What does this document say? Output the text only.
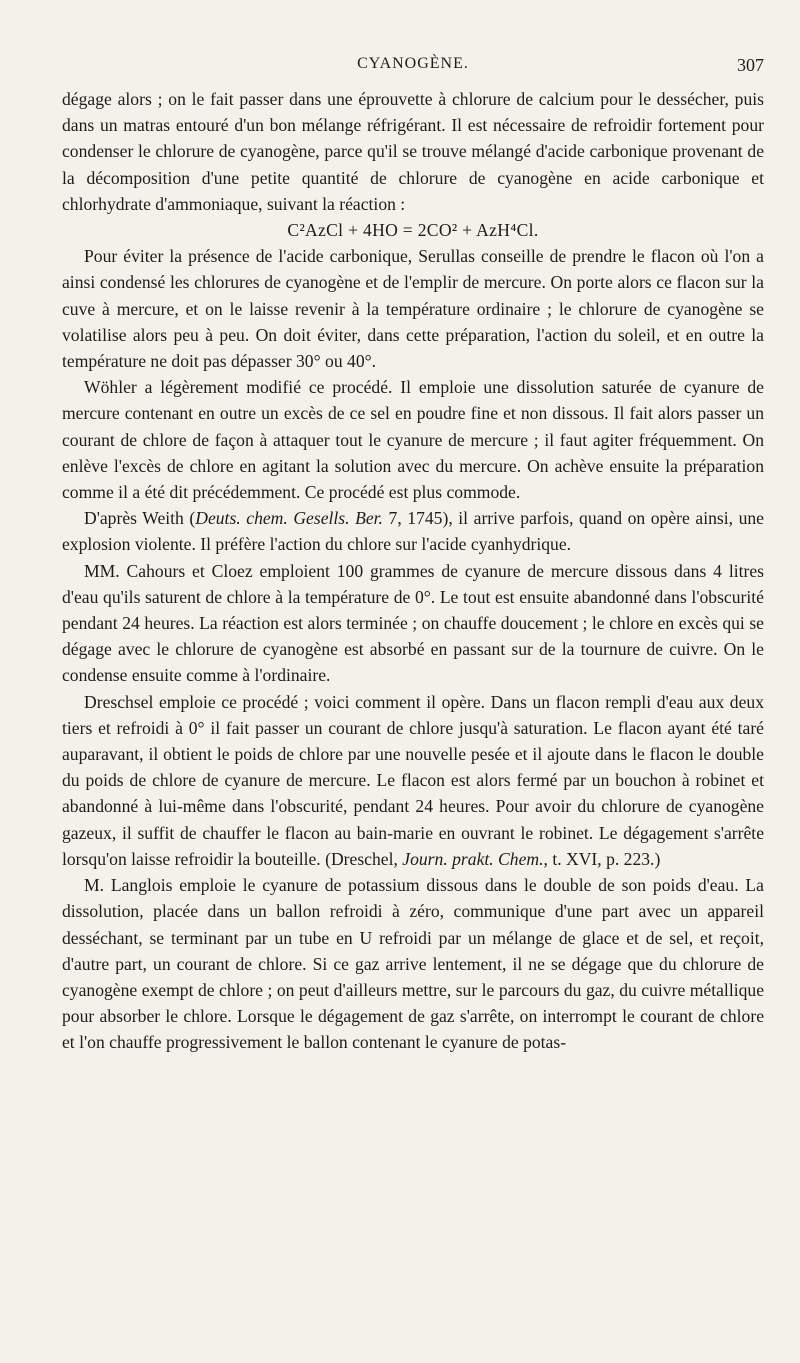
CYANOGÈNE.	307

dégage alors ; on le fait passer dans une éprouvette à chlorure de calcium pour le dessécher, puis dans un matras entouré d'un bon mélange réfrigérant. Il est nécessaire de refroidir fortement pour condenser le chlorure de cyanogène, parce qu'il se trouve mélangé d'acide carbonique provenant de la décomposition d'une petite quantité de chlorure de cyanogène en acide carbonique et chlorhydrate d'ammoniaque, suivant la réaction :

C²AzCl + 4HO = 2CO² + AzH⁴Cl.

Pour éviter la présence de l'acide carbonique, Serullas conseille de prendre le flacon où l'on a ainsi condensé les chlorures de cyanogène et de l'emplir de mercure. On porte alors ce flacon sur la cuve à mercure, et on le laisse revenir à la température ordinaire ; le chlorure de cyanogène se volatilise alors peu à peu. On doit éviter, dans cette préparation, l'action du soleil, et en outre la température ne doit pas dépasser 30° ou 40°.

Wöhler a légèrement modifié ce procédé. Il emploie une dissolution saturée de cyanure de mercure contenant en outre un excès de ce sel en poudre fine et non dissous. Il fait alors passer un courant de chlore de façon à attaquer tout le cyanure de mercure ; il faut agiter fréquemment. On enlève l'excès de chlore en agitant la solution avec du mercure. On achève ensuite la préparation comme il a été dit précédemment. Ce procédé est plus commode.

D'après Weith (Deuts. chem. Gesells. Ber. 7, 1745), il arrive parfois, quand on opère ainsi, une explosion violente. Il préfère l'action du chlore sur l'acide cyanhydrique.

MM. Cahours et Cloez emploient 100 grammes de cyanure de mercure dissous dans 4 litres d'eau qu'ils saturent de chlore à la température de 0°. Le tout est ensuite abandonné dans l'obscurité pendant 24 heures. La réaction est alors terminée ; on chauffe doucement ; le chlore en excès qui se dégage avec le chlorure de cyanogène est absorbé en passant sur de la tournure de cuivre. On le condense ensuite comme à l'ordinaire.

Dreschsel emploie ce procédé ; voici comment il opère. Dans un flacon rempli d'eau aux deux tiers et refroidi à 0° il fait passer un courant de chlore jusqu'à saturation. Le flacon ayant été taré auparavant, il obtient le poids de chlore par une nouvelle pesée et il ajoute dans le flacon le double du poids de chlore de cyanure de mercure. Le flacon est alors fermé par un bouchon à robinet et abandonné à lui-même dans l'obscurité, pendant 24 heures. Pour avoir du chlorure de cyanogène gazeux, il suffit de chauffer le flacon au bain-marie en ouvrant le robinet. Le dégagement s'arrête lorsqu'on laisse refroidir la bouteille. (Dreschel, Journ. prakt. Chem., t. XVI, p. 223.)

M. Langlois emploie le cyanure de potassium dissous dans le double de son poids d'eau. La dissolution, placée dans un ballon refroidi à zéro, communique d'une part avec un appareil desséchant, se terminant par un tube en U refroidi par un mélange de glace et de sel, et reçoit, d'autre part, un courant de chlore. Si ce gaz arrive lentement, il ne se dégage que du chlorure de cyanogène exempt de chlore ; on peut d'ailleurs mettre, sur le parcours du gaz, du cuivre métallique pour absorber le chlore. Lorsque le dégagement de gaz s'arrête, on interrompt le courant de chlore et l'on chauffe progressivement le ballon contenant le cyanure de potas-
